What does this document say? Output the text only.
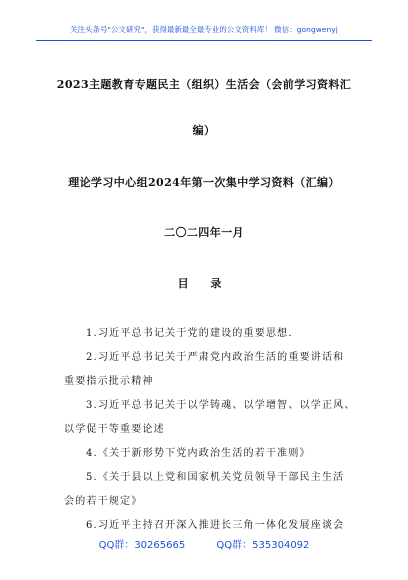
关注头条号"公文研究"，获得最新最全最专业的公文资料库！ 微信：gongwenyj
2023主题教育专题民主（组织）生活会（会前学习资料汇
编）
理论学习中心组2024年第一次集中学习资料（汇编）
二〇二四年一月
目 录
1.习近平总书记关于党的建设的重要思想.
2.习近平总书记关于严肃党内政治生活的重要讲话和
重要指示批示精神
3.习近平总书记关于以学铸魂、以学增智、以学正风、
以学促干等重要论述
4.《关于新形势下党内政治生活的若干准则》
5.《关于县以上党和国家机关党员领导干部民主生活
会的若干规定》
6.习近平主持召开深入推进长三角一体化发展座谈会
QQ群：30265665	QQ群：535304092
